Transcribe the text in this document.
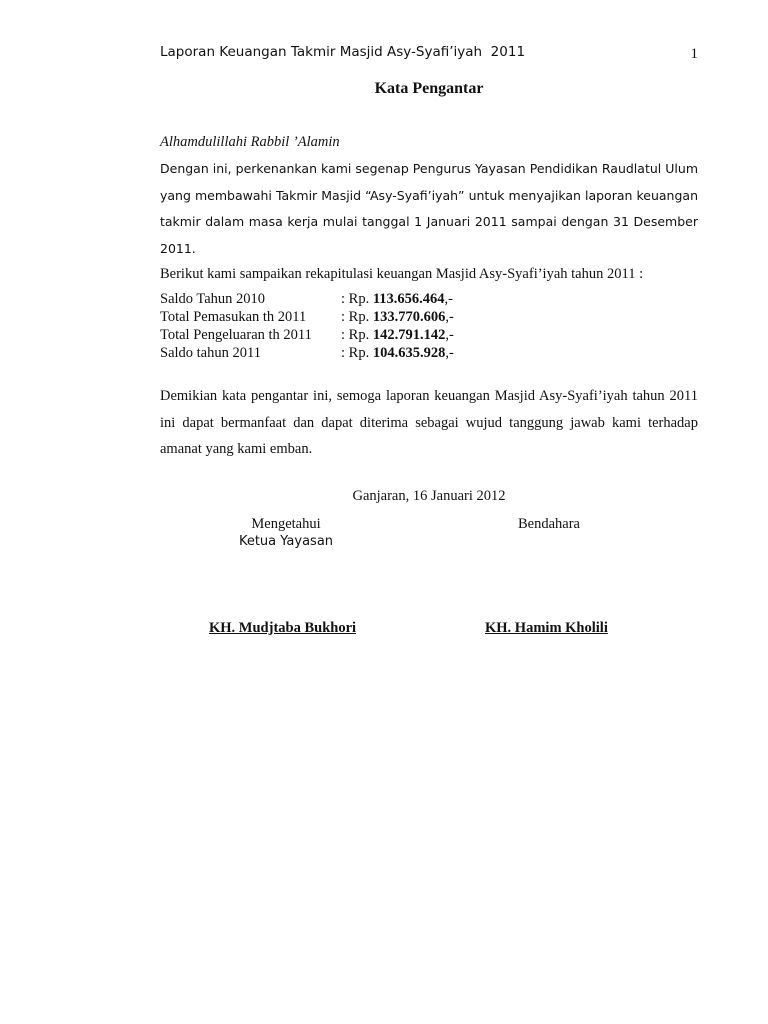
Laporan Keuangan Takmir Masjid Asy-Syafi’iyah  2011	1
Kata Pengantar
Alhamdulillahi Rabbil ’Alamin
Dengan ini, perkenankan kami segenap Pengurus Yayasan Pendidikan Raudlatul Ulum yang membawahi Takmir Masjid “Asy-Syafi’iyah” untuk menyajikan laporan keuangan takmir dalam masa kerja mulai tanggal 1 Januari 2011 sampai dengan 31 Desember 2011.
Berikut kami sampaikan rekapitulasi keuangan Masjid Asy-Syafi’iyah tahun 2011 :
Saldo Tahun 2010	: Rp. 113.656.464,-
Total Pemasukan th 2011 : Rp. 133.770.606,-
Total Pengeluaran th 2011 : Rp. 142.791.142,-
Saldo tahun 2011	: Rp. 104.635.928,-
Demikian kata pengantar ini, semoga laporan keuangan Masjid Asy-Syafi’iyah tahun 2011 ini dapat bermanfaat dan dapat diterima sebagai wujud tanggung jawab kami terhadap amanat yang kami emban.
Ganjaran, 16 Januari 2012
Mengetahui
Ketua Yayasan
Bendahara
KH. Mudjtaba Bukhori	KH. Hamim Kholili
